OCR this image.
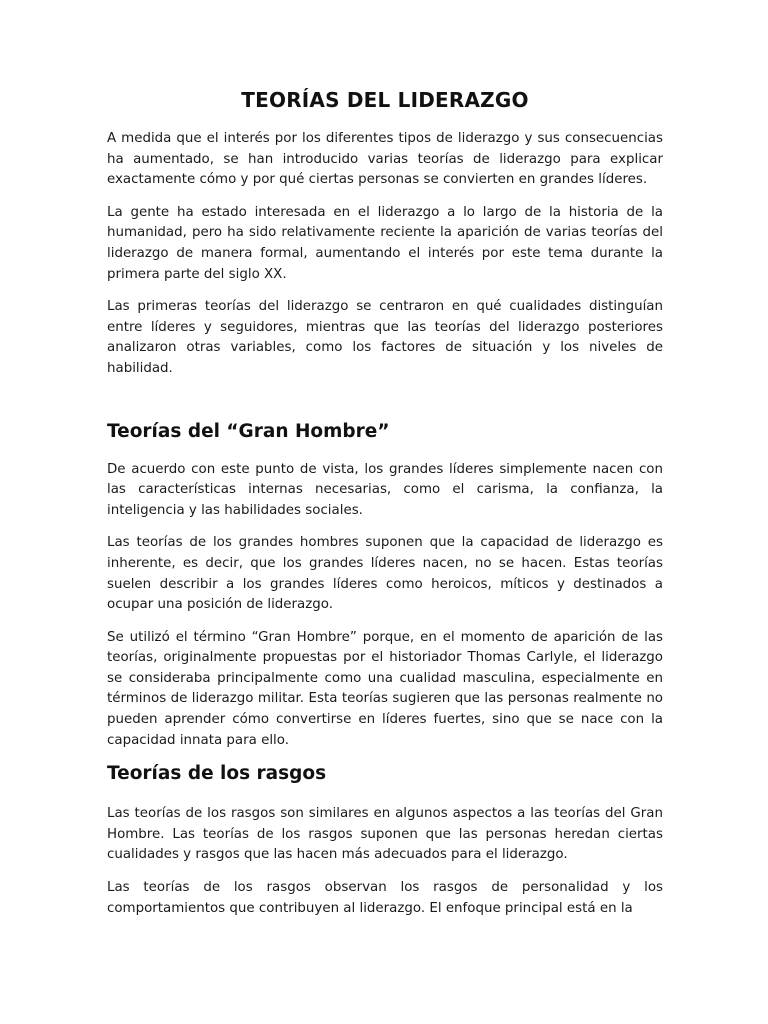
TEORÍAS DEL LIDERAZGO

A medida que el interés por los diferentes tipos de liderazgo y sus consecuencias ha aumentado, se han introducido varias teorías de liderazgo para explicar exactamente cómo y por qué ciertas personas se convierten en grandes líderes.

La gente ha estado interesada en el liderazgo a lo largo de la historia de la humanidad, pero ha sido relativamente reciente la aparición de varias teorías del liderazgo de manera formal, aumentando el interés por este tema durante la primera parte del siglo XX.

Las primeras teorías del liderazgo se centraron en qué cualidades distinguían entre líderes y seguidores, mientras que las teorías del liderazgo posteriores analizaron otras variables, como los factores de situación y los niveles de habilidad.

Teorías del “Gran Hombre”

De acuerdo con este punto de vista, los grandes líderes simplemente nacen con las características internas necesarias, como el carisma, la confianza, la inteligencia y las habilidades sociales.

Las teorías de los grandes hombres suponen que la capacidad de liderazgo es inherente, es decir, que los grandes líderes nacen, no se hacen. Estas teorías suelen describir a los grandes líderes como heroicos, míticos y destinados a ocupar una posición de liderazgo.

Se utilizó el término “Gran Hombre” porque, en el momento de aparición de las teorías, originalmente propuestas por el historiador Thomas Carlyle, el liderazgo se consideraba principalmente como una cualidad masculina, especialmente en términos de liderazgo militar. Esta teorías sugieren que las personas realmente no pueden aprender cómo convertirse en líderes fuertes, sino que se nace con la capacidad innata para ello.

Teorías de los rasgos

Las teorías de los rasgos son similares en algunos aspectos a las teorías del Gran Hombre. Las teorías de los rasgos suponen que las personas heredan ciertas cualidades y rasgos que las hacen más adecuados para el liderazgo.

Las teorías de los rasgos observan los rasgos de personalidad y los comportamientos que contribuyen al liderazgo. El enfoque principal está en la
